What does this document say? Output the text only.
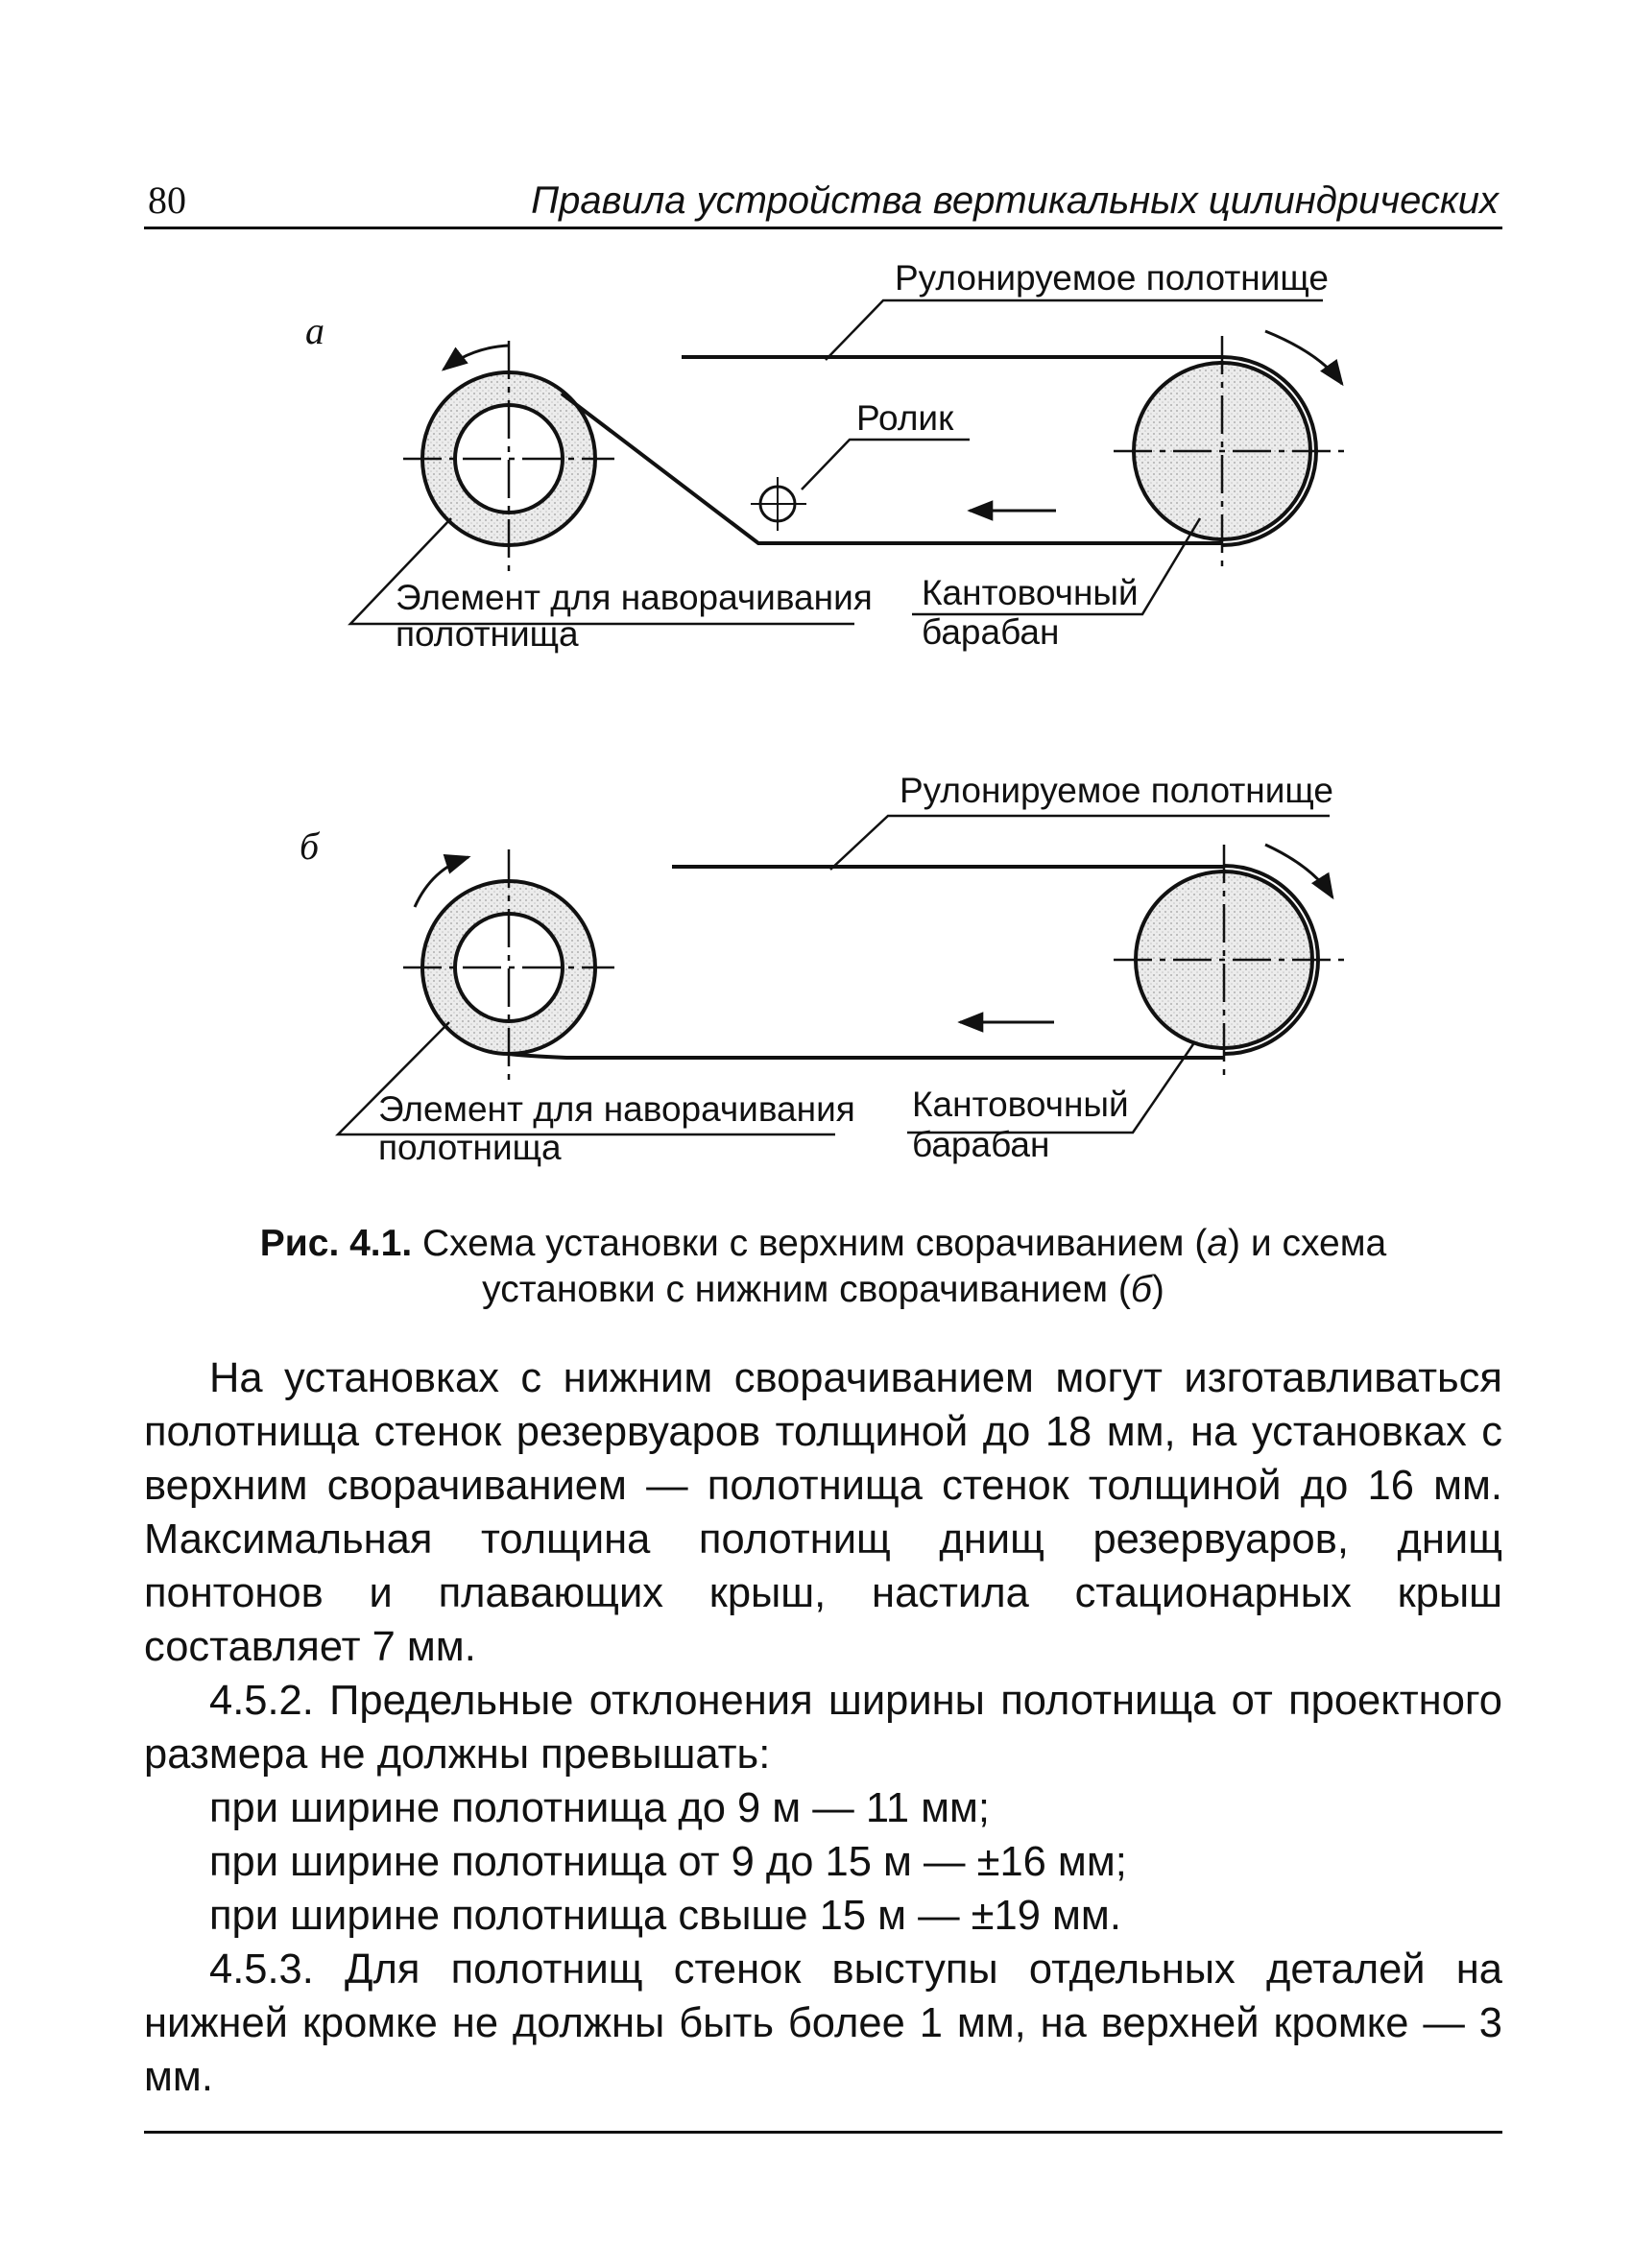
80	Правила устройства вертикальных цилиндрических
а
Рулонируемое полотнище
Ролик
Элемент для наворачивания
полотнища
Кантовочный
барабан
б
Рулонируемое полотнище
Элемент для наворачивания
полотнища
Кантовочный
барабан
Рис. 4.1. Схема установки с верхним сворачиванием (а) и схема
установки с нижним сворачиванием (б)

На установках с нижним сворачиванием могут изготавливаться полотнища стенок резервуаров толщиной до 18 мм, на установках с верхним сворачиванием — полотнища стенок толщиной до 16 мм. Максимальная толщина полотнищ днищ резервуаров, днищ понтонов и плавающих крыш, настила стационарных крыш составляет 7 мм.

4.5.2. Предельные отклонения ширины полотнища от проектного размера не должны превышать:

при ширине полотнища до 9 м — 11 мм;

при ширине полотнища от 9 до 15 м — ±16 мм;

при ширине полотнища свыше 15 м — ±19 мм.

4.5.3. Для полотнищ стенок выступы отдельных деталей на нижней кромке не должны быть более 1 мм, на верхней кромке — 3 мм.
